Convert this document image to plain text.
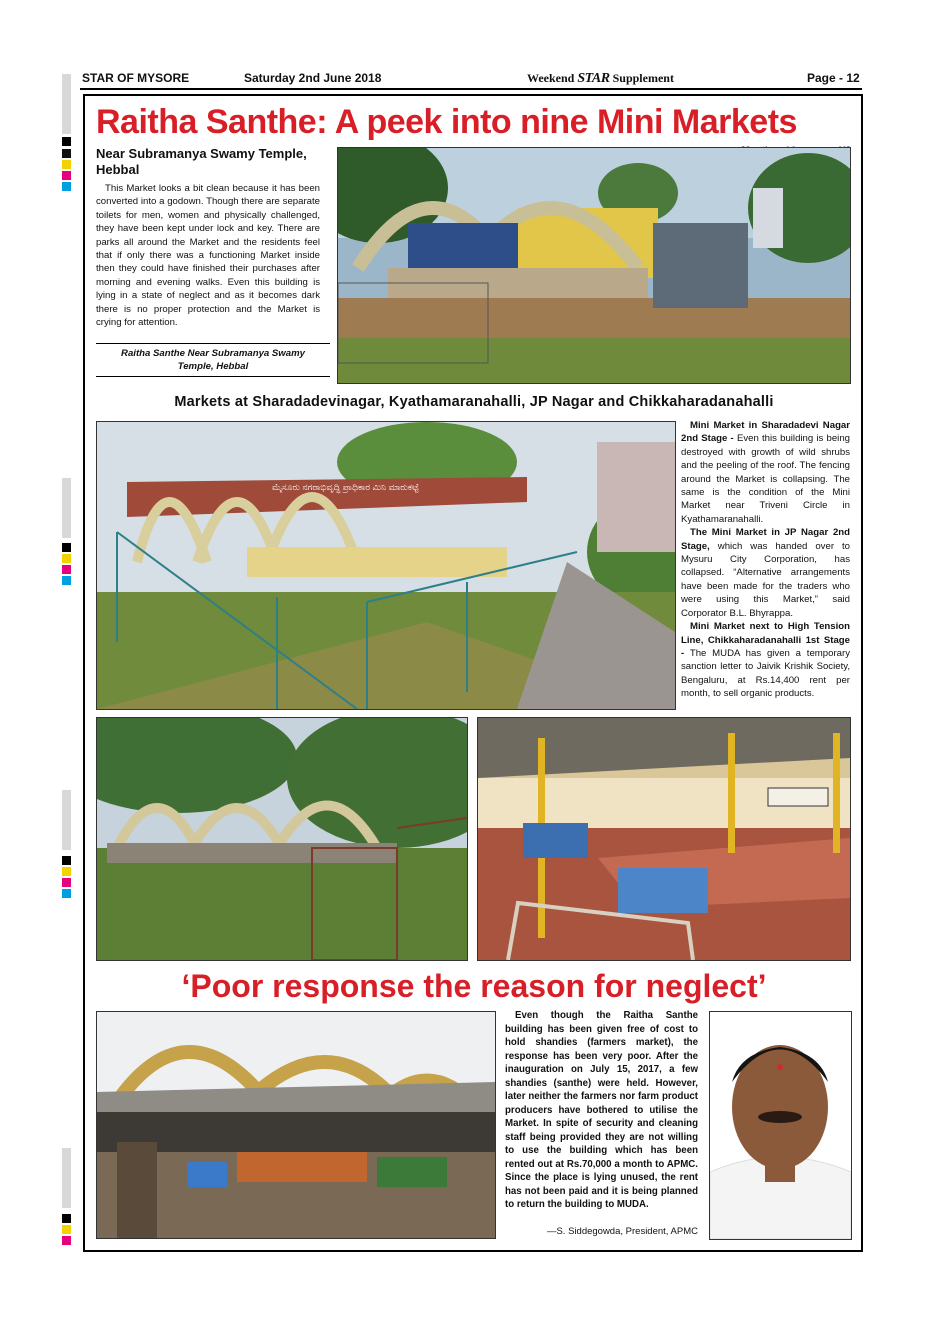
STAR OF MYSORE	Saturday 2nd June 2018	Weekend STAR Supplement	Page - 12
Raitha Santhe: A peek into nine Mini Markets
Near Subramanya Swamy Temple, Hebbal

This Market looks a bit clean because it has been converted into a godown. Though there are separate toilets for men, women and physically challenged, they have been kept under lock and key. There are parks all around the Market and the residents feel that if only there was a functioning Market inside then they could have finished their purchases after morning and evening walks. Even this building is lying in a state of neglect and as it becomes dark there is no proper protection and the Market is crying for attention.

Raitha Santhe Near Subramanya Swamy Temple, Hebbal
Markets at Sharadadevinagar, Kyathamaranahalli, JP Nagar and Chikkaharadanahalli
ಮೈಸೂರು ನಗರಾಭಿವೃದ್ಧಿ ಪ್ರಾಧಿಕಾರ ಮಿನಿ ಮಾರುಕಟ್ಟೆ

Mini Market in Sharadadevi Nagar 2nd Stage - Even this building is being destroyed with growth of wild shrubs and the peeling of the roof. The fencing around the Market is collapsing. The same is the condition of the Mini Market near Triveni Circle in Kyathamaranahalli.

The Mini Market in JP Nagar 2nd Stage, which was handed over to Mysuru City Corporation, has collapsed. “Alternative arrangements have been made for the traders who were using this Market,” said Corporator B.L. Bhyrappa.

Mini Market next to High Tension Line, Chikkaharadanahalli 1st Stage - The MUDA has given a temporary sanction letter to Jaivik Krishik Society, Bengaluru, at Rs.14,400 rent per month, to sell organic products.

‘Poor response the reason for neglect’

Even though the Raitha Santhe building has been given free of cost to hold shandies (farmers market), the response has been very poor. After the inauguration on July 15, 2017, a few shandies (santhe) were held. However, later neither the farmers nor farm product producers have bothered to utilise the Market. In spite of security and cleaning staff being provided they are not willing to use the building which has been rented out at Rs.70,000 a month to APMC. Since the place is lying unused, the rent has not been paid and it is being planned to return the building to MUDA.

—S. Siddegowda, President, APMC
